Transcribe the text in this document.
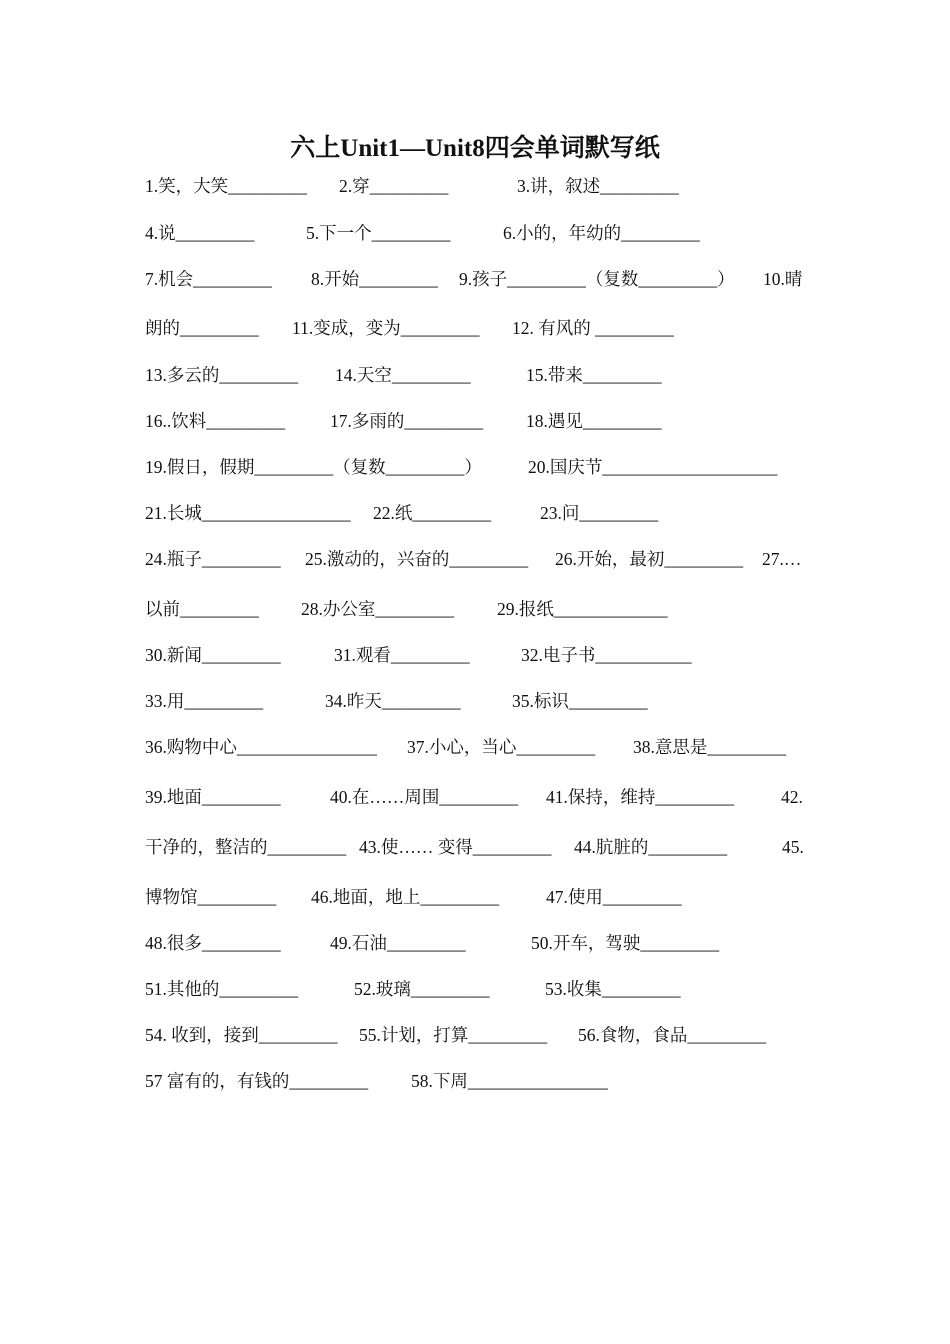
六上Unit1—Unit8四会单词默写纸
1.笑，大笑_________ 2.穿_________	3.讲，叙述_________
4.说_________	5.下一个_________	6.小的，年幼的_________
7.机会_________ 8.开始_________ 9.孩子_________（复数_________） 10.晴
朗的_________ 11.变成，变为_________ 12. 有风的 _________
13.多云的_________ 14.天空_________	15.带来_________
16..饮料_________	17.多雨的_________ 18.遇见_________
19.假日，假期_________（复数_________）	20.国庆节____________________
21.长城_________________ 22.纸_________	23.问_________
24.瓶子_________ 25.激动的，兴奋的_________ 26.开始，最初_________ 27.…
以前_________ 28.办公室_________ 29.报纸_____________
30.新闻_________	31.观看_________	32.电子书___________
33.用_________	34.昨天_________	35.标识_________
36.购物中心________________ 37.小心，当心_________ 38.意思是_________
39.地面_________	40.在……周围_________ 41.保持，维持_________	42.
干净的，整洁的_________ 43.使…… 变得_________ 44.肮脏的_________	45.
博物馆_________ 46.地面，地上_________	47.使用_________
48.很多_________	49.石油_________	50.开车，驾驶_________
51.其他的_________	52.玻璃_________	53.收集_________
54. 收到，接到_________ 55.计划，打算_________ 56.食物，食品_________
57 富有的，有钱的_________ 58.下周________________
